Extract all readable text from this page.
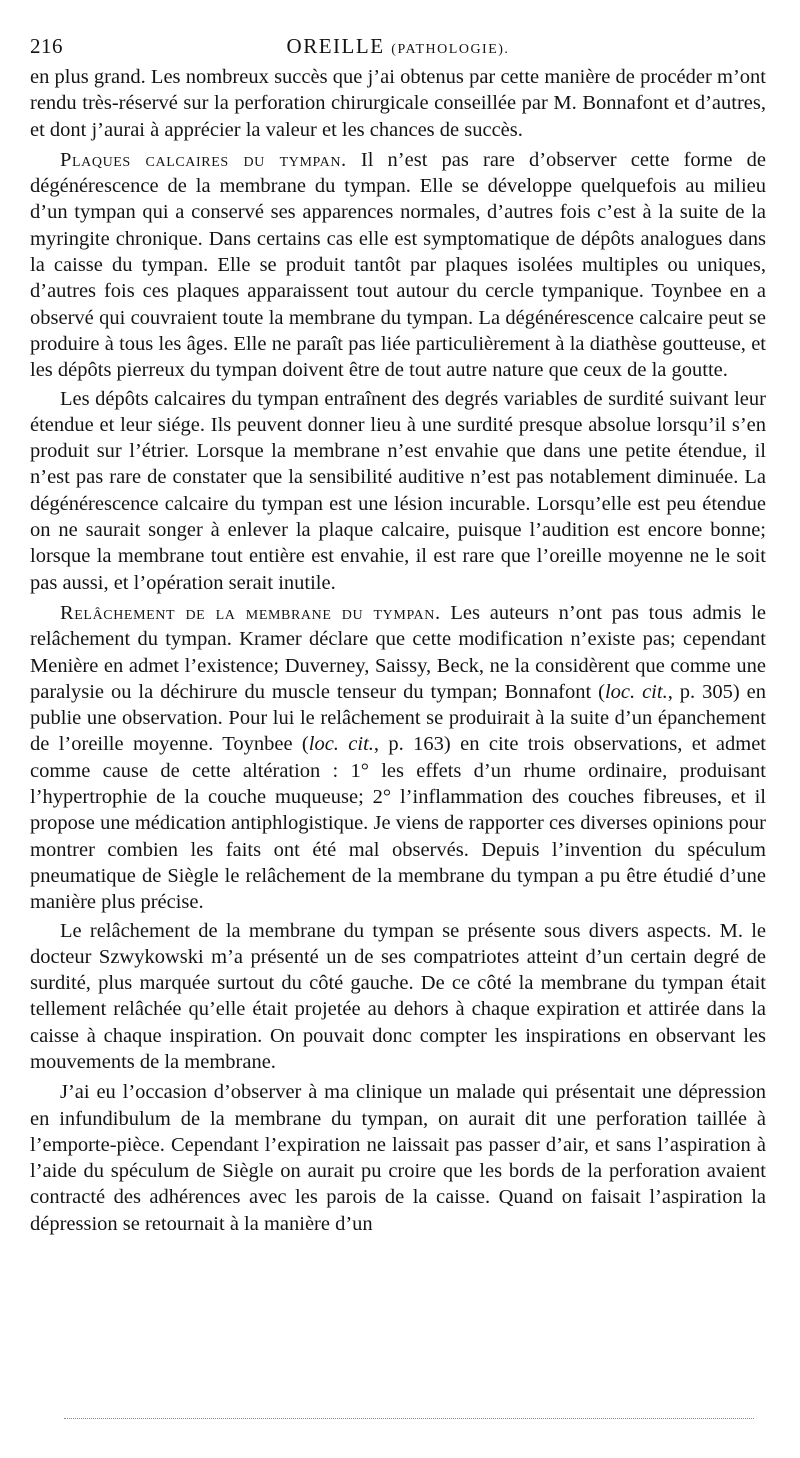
216	OREILLE (PATHOLOGIE).

en plus grand. Les nombreux succès que j’ai obtenus par cette manière de procéder m’ont rendu très-réservé sur la perforation chirurgicale conseillée par M. Bonnafont et d’autres, et dont j’aurai à apprécier la valeur et les chances de succès.

Plaques calcaires du tympan. Il n’est pas rare d’observer cette forme de dégénérescence de la membrane du tympan. Elle se développe quelquefois au milieu d’un tympan qui a conservé ses apparences normales, d’autres fois c’est à la suite de la myringite chronique. Dans certains cas elle est symptomatique de dépôts analogues dans la caisse du tympan. Elle se produit tantôt par plaques isolées multiples ou uniques, d’autres fois ces plaques apparaissent tout autour du cercle tympanique. Toynbee en a observé qui couvraient toute la membrane du tympan. La dégénérescence calcaire peut se produire à tous les âges. Elle ne paraît pas liée particulièrement à la diathèse goutteuse, et les dépôts pierreux du tympan doivent être de tout autre nature que ceux de la goutte.

Les dépôts calcaires du tympan entraînent des degrés variables de surdité suivant leur étendue et leur siége. Ils peuvent donner lieu à une surdité presque absolue lorsqu’il s’en produit sur l’étrier. Lorsque la membrane n’est envahie que dans une petite étendue, il n’est pas rare de constater que la sensibilité auditive n’est pas notablement diminuée. La dégénérescence calcaire du tympan est une lésion incurable. Lorsqu’elle est peu étendue on ne saurait songer à enlever la plaque calcaire, puisque l’audition est encore bonne; lorsque la membrane tout entière est envahie, il est rare que l’oreille moyenne ne le soit pas aussi, et l’opération serait inutile.

Relâchement de la membrane du tympan. Les auteurs n’ont pas tous admis le relâchement du tympan. Kramer déclare que cette modification n’existe pas; cependant Menière en admet l’existence; Duverney, Saissy, Beck, ne la considèrent que comme une paralysie ou la déchirure du muscle tenseur du tympan; Bonnafont (loc. cit., p. 305) en publie une observation. Pour lui le relâchement se produirait à la suite d’un épanchement de l’oreille moyenne. Toynbee (loc. cit., p. 163) en cite trois observations, et admet comme cause de cette altération : 1° les effets d’un rhume ordinaire, produisant l’hypertrophie de la couche muqueuse; 2° l’inflammation des couches fibreuses, et il propose une médication antiphlogistique. Je viens de rapporter ces diverses opinions pour montrer combien les faits ont été mal observés. Depuis l’invention du spéculum pneumatique de Siègle le relâchement de la membrane du tympan a pu être étudié d’une manière plus précise.

Le relâchement de la membrane du tympan se présente sous divers aspects. M. le docteur Szwykowski m’a présenté un de ses compatriotes atteint d’un certain degré de surdité, plus marquée surtout du côté gauche. De ce côté la membrane du tympan était tellement relâchée qu’elle était projetée au dehors à chaque expiration et attirée dans la caisse à chaque inspiration. On pouvait donc compter les inspirations en observant les mouvements de la membrane.

J’ai eu l’occasion d’observer à ma clinique un malade qui présentait une dépression en infundibulum de la membrane du tympan, on aurait dit une perforation taillée à l’emporte-pièce. Cependant l’expiration ne laissait pas passer d’air, et sans l’aspiration à l’aide du spéculum de Siègle on aurait pu croire que les bords de la perforation avaient contracté des adhérences avec les parois de la caisse. Quand on faisait l’aspiration la dépression se retournait à la manière d’un
